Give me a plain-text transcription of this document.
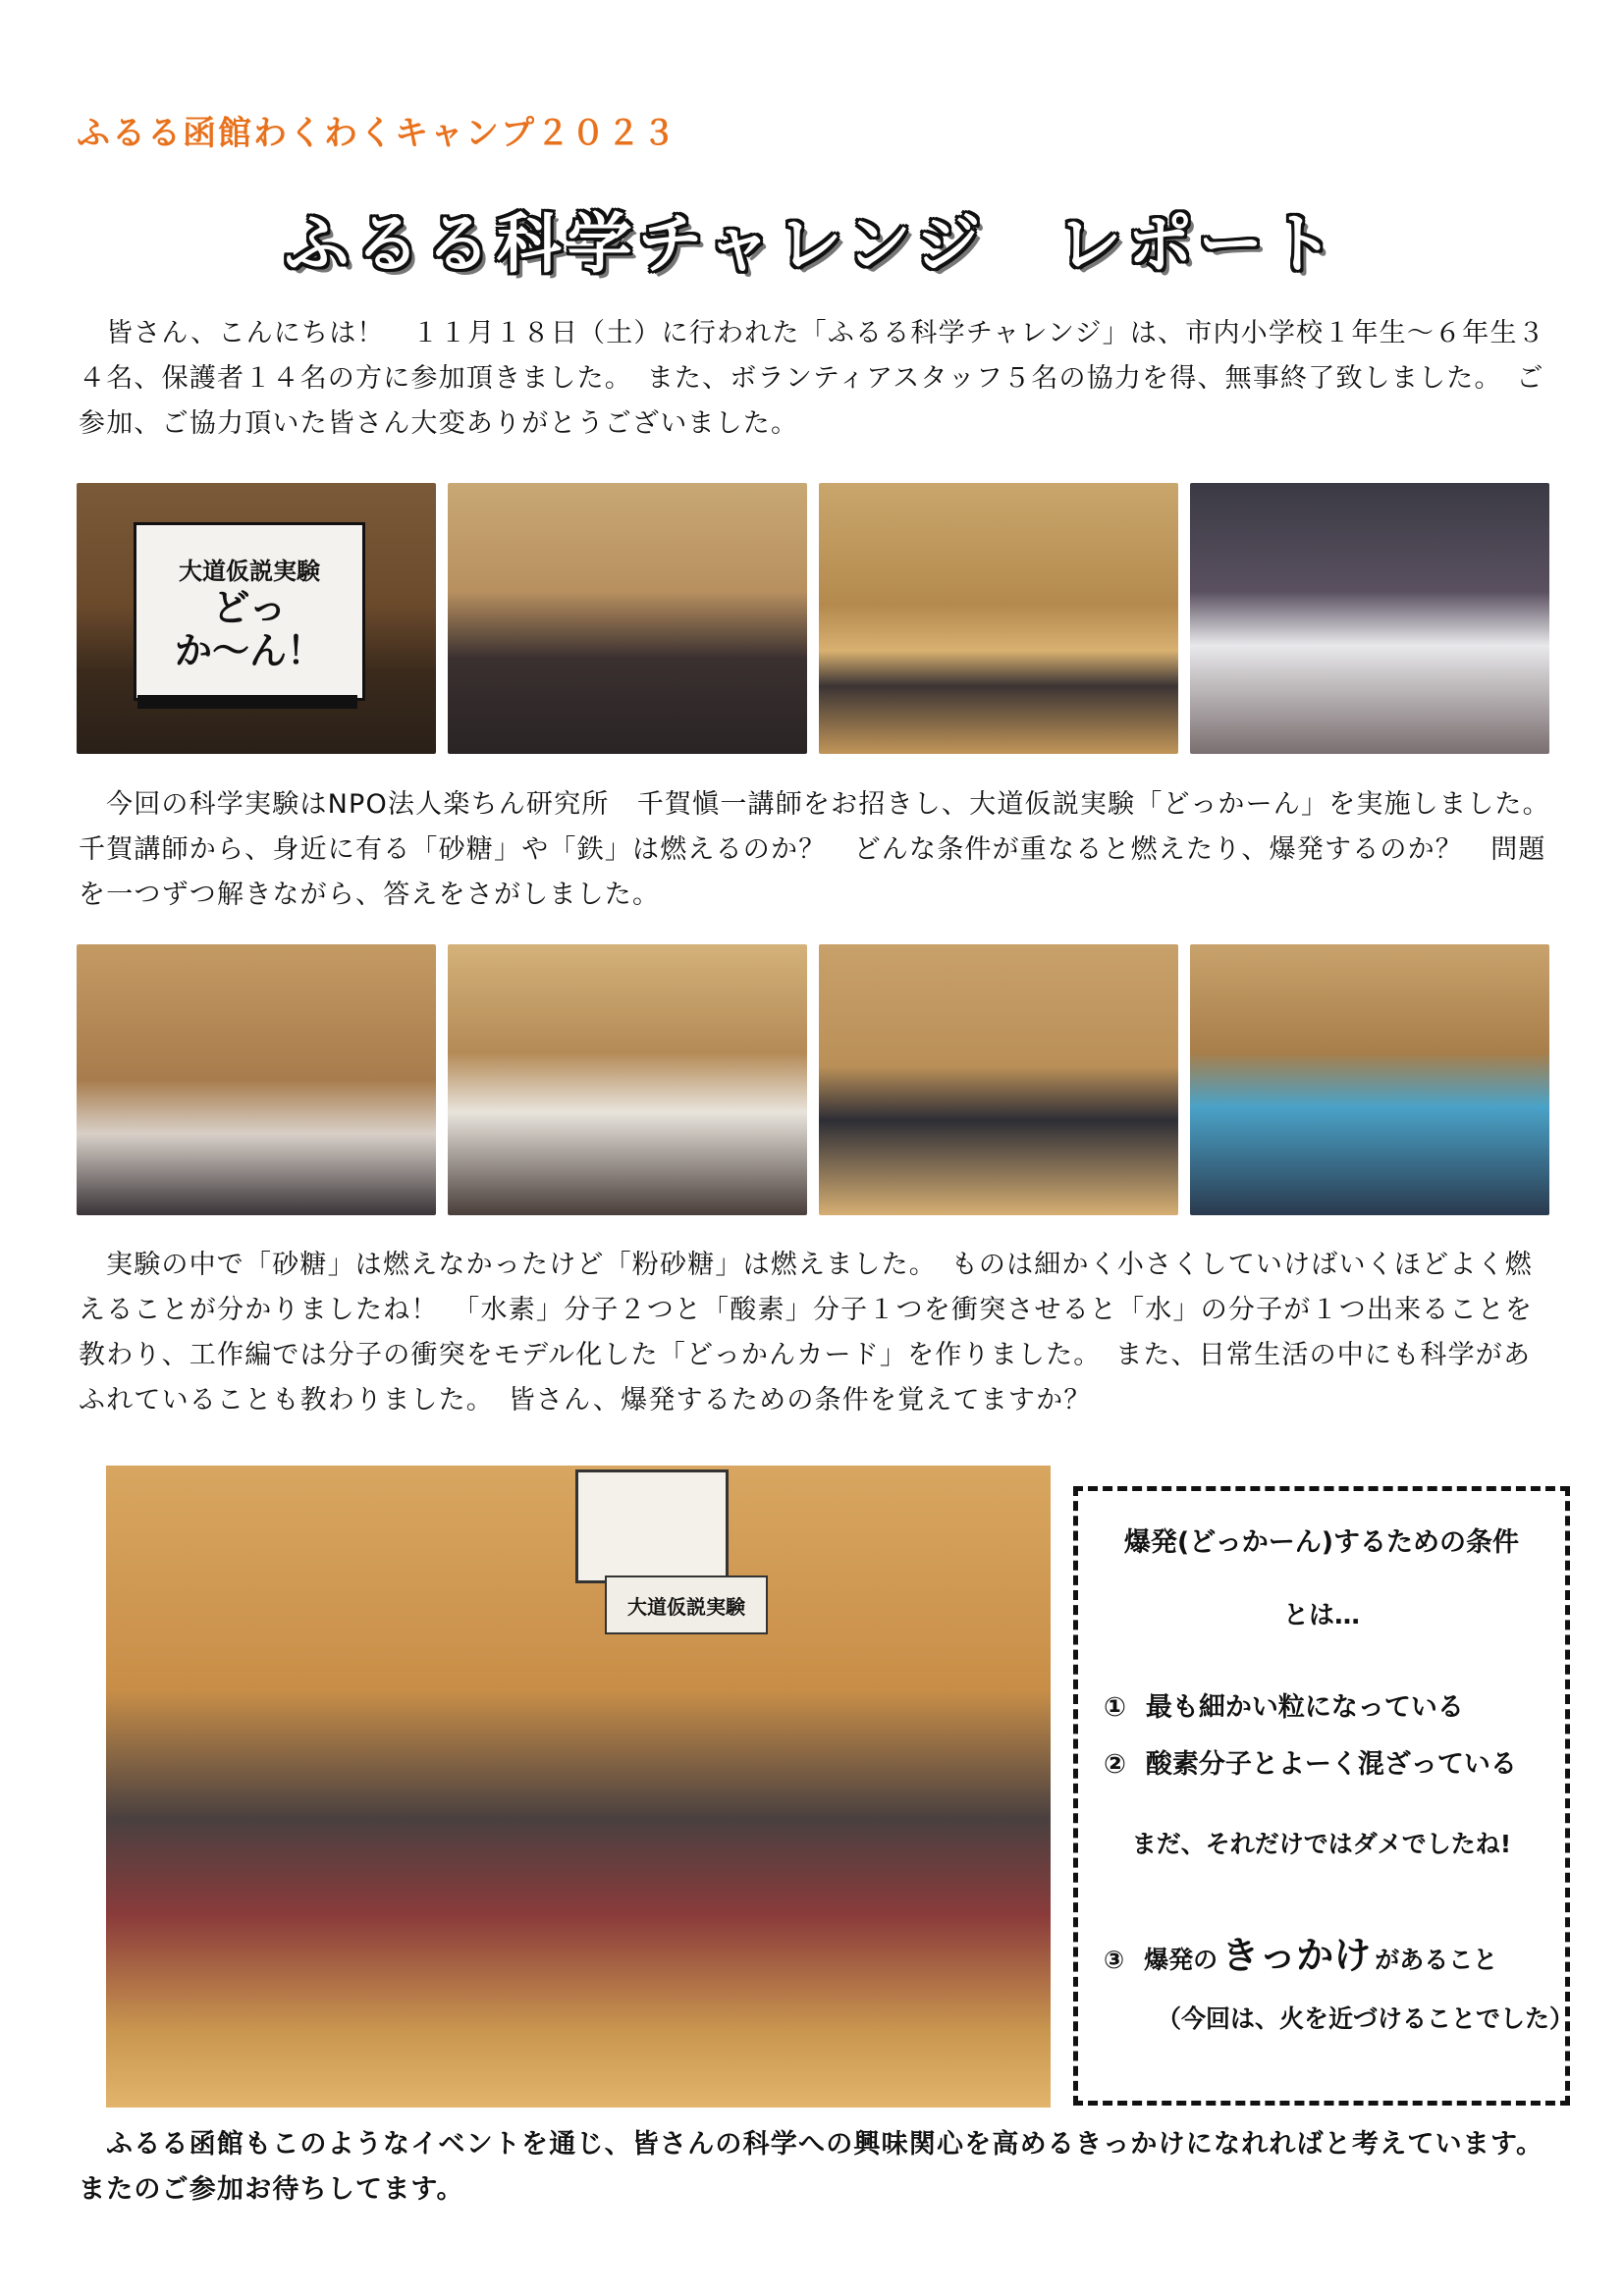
ふるる函館わくわくキャンプ２０２３
ふるる科学チャレンジ　レポート

皆さん、こんにちは！　１１月１８日（土）に行われた「ふるる科学チャレンジ」は、市内小学校１年生〜６年生３４名、保護者１４名の方に参加頂きました。　また、ボランティアスタッフ５名の協力を得、無事終了致しました。　ご参加、ご協力頂いた皆さん大変ありがとうございました。

大道仮説実験
どっ
か〜ん！

今回の科学実験はNPO法人楽ちん研究所　千賀愼一講師をお招きし、大道仮説実験「どっかーん」を実施しました。　千賀講師から、身近に有る「砂糖」や「鉄」は燃えるのか？　どんな条件が重なると燃えたり、爆発するのか？　問題を一つずつ解きながら、答えをさがしました。

実験の中で「砂糖」は燃えなかったけど「粉砂糖」は燃えました。　ものは細かく小さくしていけばいくほどよく燃えることが分かりましたね！　「水素」分子２つと「酸素」分子１つを衝突させると「水」の分子が１つ出来ることを教わり、工作編では分子の衝突をモデル化した「どっかんカード」を作りました。　また、日常生活の中にも科学があふれていることも教わりました。　皆さん、爆発するための条件を覚えてますか？

大道仮説実験
爆発(どっかーん)するための条件
とは…
① 最も細かい粒になっている
② 酸素分子とよーく混ざっている
まだ、それだけではダメでしたね!
③ 爆発の きっかけ があること
（今回は、火を近づけることでした）

ふるる函館もこのようなイベントを通じ、皆さんの科学への興味関心を高めるきっかけになれればと考えています。　またのご参加お待ちしてます。
